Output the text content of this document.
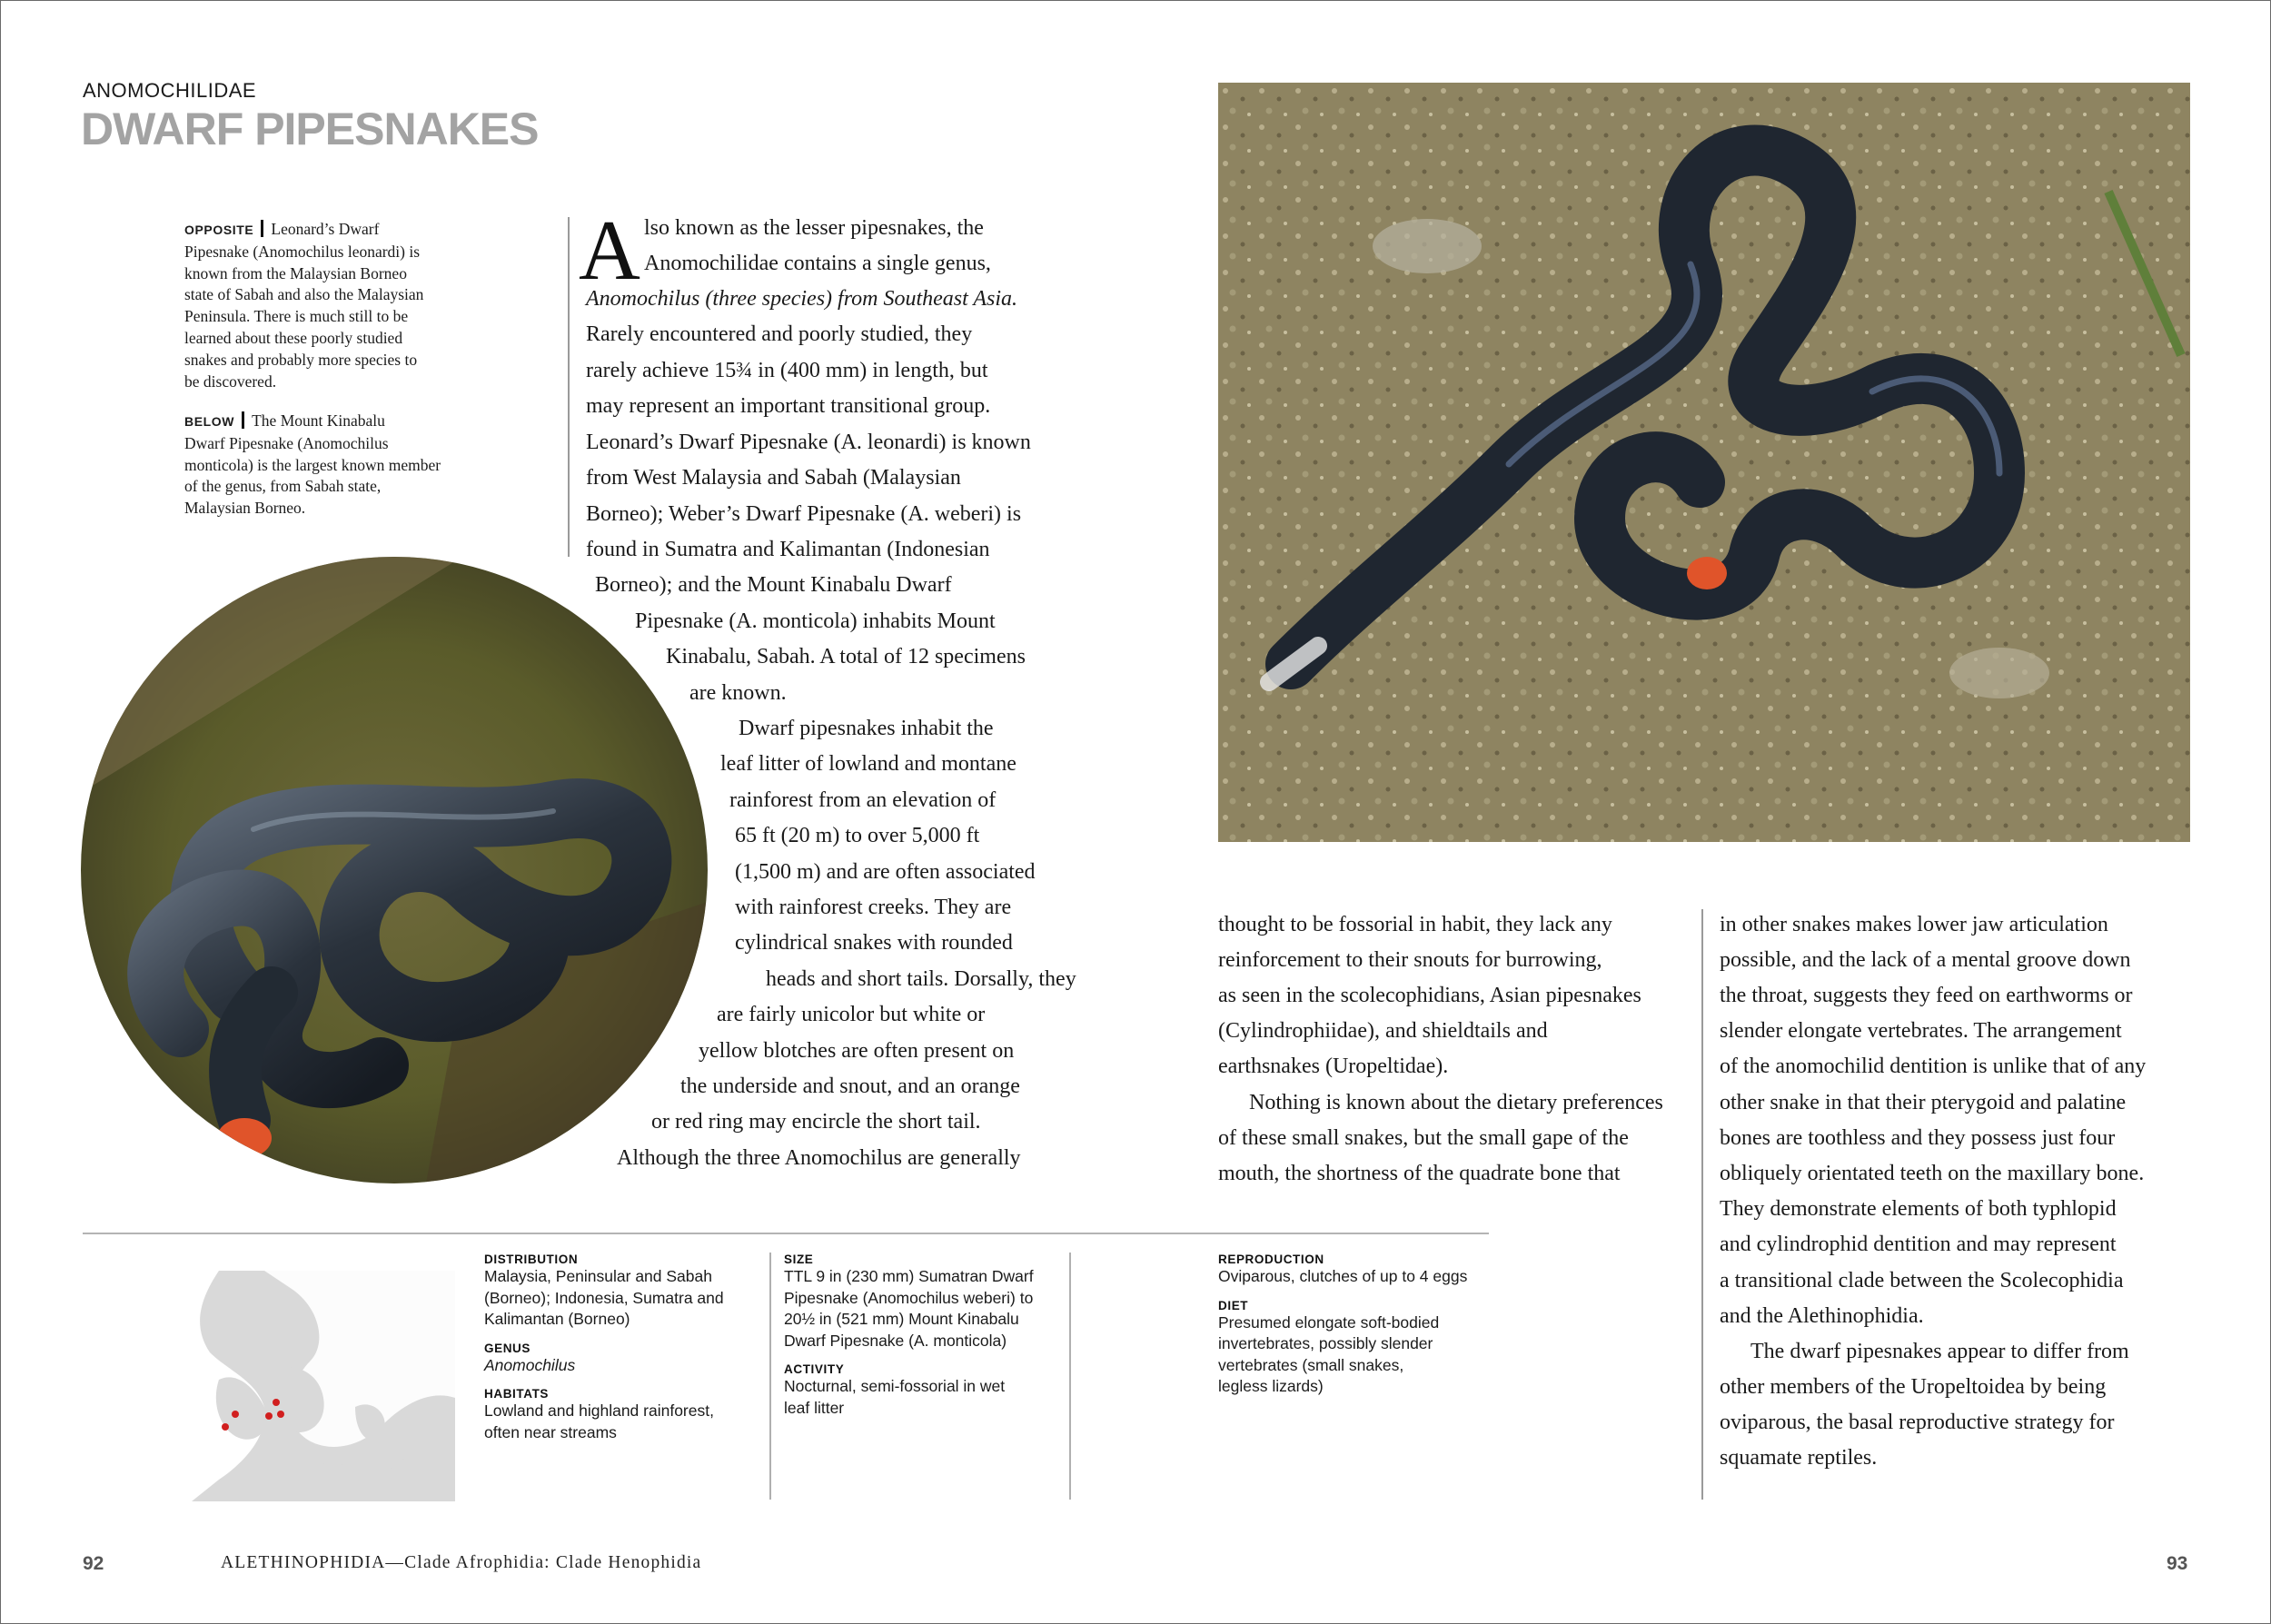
ANOMOCHILIDAE
DWARF PIPESNAKES
OPPOSITE Leonard’s Dwarf
Pipesnake (Anomochilus leonardi) is
known from the Malaysian Borneo
state of Sabah and also the Malaysian
Peninsula. There is much still to be
learned about these poorly studied
snakes and probably more species to
be discovered.
BELOW The Mount Kinabalu
Dwarf Pipesnake (Anomochilus
monticola) is the largest known member
of the genus, from Sabah state,
Malaysian Borneo.
A lso known as the lesser pipesnakes, the
Anomochilidae contains a single genus,
Anomochilus (three species) from Southeast Asia.
Rarely encountered and poorly studied, they
rarely achieve 15¾ in (400 mm) in length, but
may represent an important transitional group.
Leonard’s Dwarf Pipesnake (A. leonardi) is known
from West Malaysia and Sabah (Malaysian
Borneo); Weber’s Dwarf Pipesnake (A. weberi) is
found in Sumatra and Kalimantan (Indonesian
Borneo); and the Mount Kinabalu Dwarf
Pipesnake (A. monticola) inhabits Mount
Kinabalu, Sabah. A total of 12 specimens
are known.
Dwarf pipesnakes inhabit the
leaf litter of lowland and montane
rainforest from an elevation of
65 ft (20 m) to over 5,000 ft
(1,500 m) and are often associated
with rainforest creeks. They are
cylindrical snakes with rounded
heads and short tails. Dorsally, they
are fairly unicolor but white or
yellow blotches are often present on
the underside and snout, and an orange
or red ring may encircle the short tail.
Although the three Anomochilus are generally
thought to be fossorial in habit, they lack any
reinforcement to their snouts for burrowing,
as seen in the scolecophidians, Asian pipesnakes
(Cylindrophiidae), and shieldtails and
earthsnakes (Uropeltidae).
Nothing is known about the dietary preferences
of these small snakes, but the small gape of the
mouth, the shortness of the quadrate bone that
in other snakes makes lower jaw articulation
possible, and the lack of a mental groove down
the throat, suggests they feed on earthworms or
slender elongate vertebrates. The arrangement
of the anomochilid dentition is unlike that of any
other snake in that their pterygoid and palatine
bones are toothless and they possess just four
obliquely orientated teeth on the maxillary bone.
They demonstrate elements of both typhlopid
and cylindrophid dentition and may represent
a transitional clade between the Scolecophidia
and the Alethinophidia.
The dwarf pipesnakes appear to differ from
other members of the Uropeltoidea by being
oviparous, the basal reproductive strategy for
squamate reptiles.
DISTRIBUTION
Malaysia, Peninsular and Sabah
(Borneo); Indonesia, Sumatra and
Kalimantan (Borneo)
GENUS
Anomochilus
HABITATS
Lowland and highland rainforest,
often near streams
SIZE
TTL 9 in (230 mm) Sumatran Dwarf
Pipesnake (Anomochilus weberi) to
20½ in (521 mm) Mount Kinabalu
Dwarf Pipesnake (A. monticola)
ACTIVITY
Nocturnal, semi-fossorial in wet
leaf litter
REPRODUCTION
Oviparous, clutches of up to 4 eggs
DIET
Presumed elongate soft-bodied
invertebrates, possibly slender
vertebrates (small snakes,
legless lizards)
92	ALETHINOPHIDIA—Clade Afrophidia: Clade Henophidia	93
